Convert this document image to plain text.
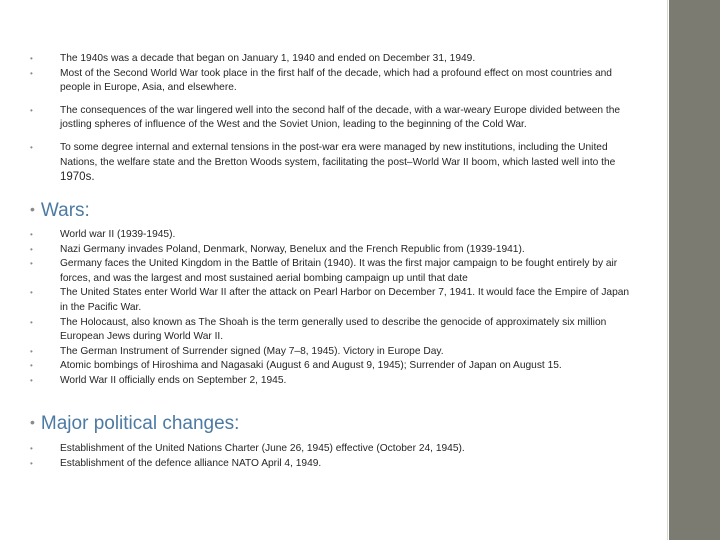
•	The 1940s was a decade that began on January 1, 1940 and ended on December 31, 1949.
•	Most of the Second World War took place in the first half of the decade, which had a profound effect on most countries and people in Europe, Asia, and elsewhere.
•	The consequences of the war lingered well into the second half of the decade, with a war-weary Europe divided between the jostling spheres of influence of the West and the Soviet Union, leading to the beginning of the Cold War.
•	To some degree internal and external tensions in the post-war era were managed by new institutions, including the United Nations, the welfare state and the Bretton Woods system, facilitating the post–World War II boom, which lasted well into the 1970s.
• Wars:
•	World war II (1939-1945).
•	Nazi Germany invades Poland, Denmark, Norway, Benelux and the French Republic from (1939-1941).
•	Germany faces the United Kingdom in the Battle of Britain (1940). It was the first major campaign to be fought entirely by air forces, and was the largest and most sustained aerial bombing campaign up until that date
•	The United States enter World War II after the attack on Pearl Harbor on December 7, 1941. It would face the Empire of Japan in the Pacific War.
•	The Holocaust, also known as The Shoah is the term generally used to describe the genocide of approximately six million European Jews during World War II.
•	The German Instrument of Surrender signed (May 7–8, 1945). Victory in Europe Day.
•	Atomic bombings of Hiroshima and Nagasaki (August 6 and August 9, 1945); Surrender of Japan on August 15.
•	World War II officially ends on September 2, 1945.
• Major political changes:
•	Establishment of the United Nations Charter (June 26, 1945) effective (October 24, 1945).
•	Establishment of the defence alliance NATO April 4, 1949.
